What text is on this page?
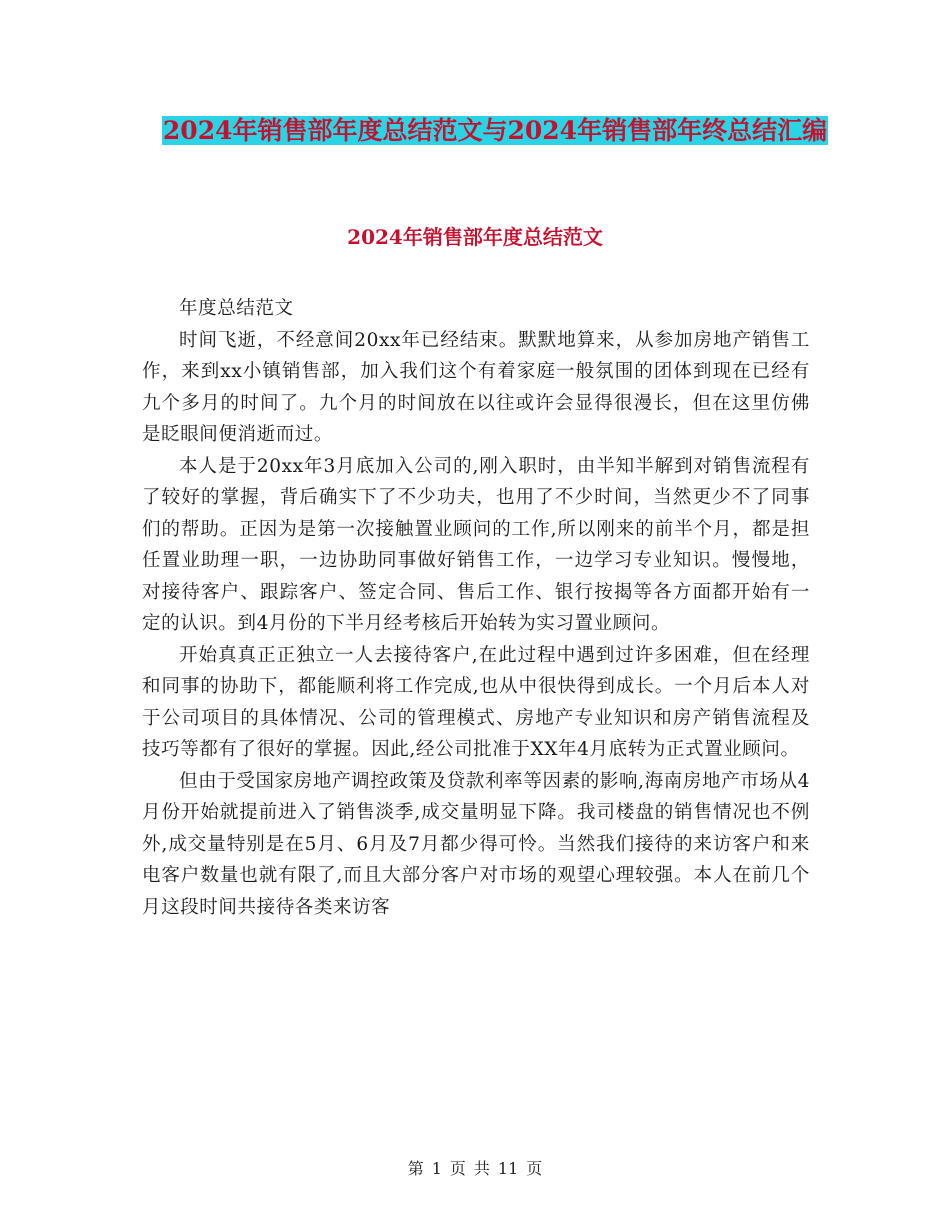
2024年销售部年度总结范文与2024年销售部年终总结汇编
2024年销售部年度总结范文

年度总结范文

时间飞逝，不经意间20xx年已经结束。默默地算来，从参加房地产销售工作，来到xx小镇销售部，加入我们这个有着家庭一般氛围的团体到现在已经有九个多月的时间了。九个月的时间放在以往或许会显得很漫长，但在这里仿佛是眨眼间便消逝而过。

本人是于20xx年3月底加入公司的,刚入职时，由半知半解到对销售流程有了较好的掌握，背后确实下了不少功夫，也用了不少时间，当然更少不了同事们的帮助。正因为是第一次接触置业顾问的工作,所以刚来的前半个月，都是担任置业助理一职，一边协助同事做好销售工作，一边学习专业知识。慢慢地，对接待客户、跟踪客户、签定合同、售后工作、银行按揭等各方面都开始有一定的认识。到4月份的下半月经考核后开始转为实习置业顾问。

开始真真正正独立一人去接待客户,在此过程中遇到过许多困难，但在经理和同事的协助下，都能顺利将工作完成,也从中很快得到成长。一个月后本人对于公司项目的具体情况、公司的管理模式、房地产专业知识和房产销售流程及技巧等都有了很好的掌握。因此,经公司批准于XX年4月底转为正式置业顾问。

但由于受国家房地产调控政策及贷款利率等因素的影响,海南房地产市场从4月份开始就提前进入了销售淡季,成交量明显下降。我司楼盘的销售情况也不例外,成交量特别是在5月、6月及7月都少得可怜。当然我们接待的来访客户和来电客户数量也就有限了,而且大部分客户对市场的观望心理较强。本人在前几个月这段时间共接待各类来访客

第 1 页 共 11 页
